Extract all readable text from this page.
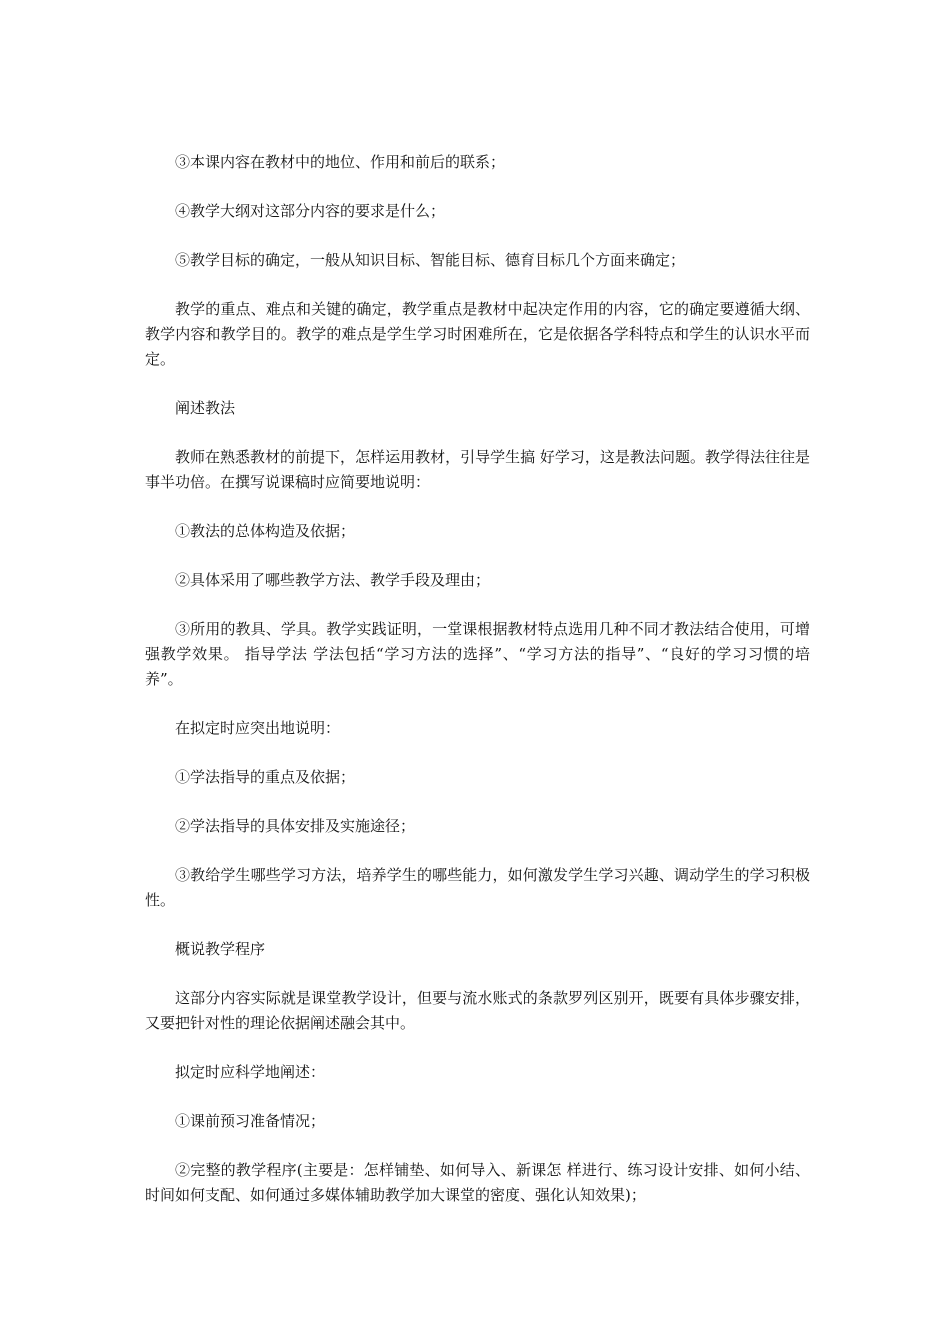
③本课内容在教材中的地位、作用和前后的联系；

④教学大纲对这部分内容的要求是什么；

⑤教学目标的确定，一般从知识目标、智能目标、德育目标几个方面来确定；

教学的重点、难点和关键的确定，教学重点是教材中起决定作用的内容，它的确定要遵循大纲、教学内容和教学目的。教学的难点是学生学习时困难所在，它是依据各学科特点和学生的认识水平而定。

阐述教法

教师在熟悉教材的前提下，怎样运用教材，引导学生搞 好学习，这是教法问题。教学得法往往是事半功倍。在撰写说课稿时应简要地说明：

①教法的总体构造及依据；

②具体采用了哪些教学方法、教学手段及理由；

③所用的教具、学具。教学实践证明，一堂课根据教材特点选用几种不同才教法结合使用，可增强教学效果。 指导学法 学法包括“学习方法的选择”、“学习方法的指导”、“良好的学习习惯的培养”。

在拟定时应突出地说明：

①学法指导的重点及依据；

②学法指导的具体安排及实施途径；

③教给学生哪些学习方法，培养学生的哪些能力，如何激发学生学习兴趣、调动学生的学习积极性。

概说教学程序

这部分内容实际就是课堂教学设计，但要与流水账式的条款罗列区别开，既要有具体步骤安排，又要把针对性的理论依据阐述融会其中。

拟定时应科学地阐述：

①课前预习准备情况；

②完整的教学程序(主要是：怎样铺垫、如何导入、新课怎 样进行、练习设计安排、如何小结、时间如何支配、如何通过多媒体辅助教学加大课堂的密度、强化认知效果)；
